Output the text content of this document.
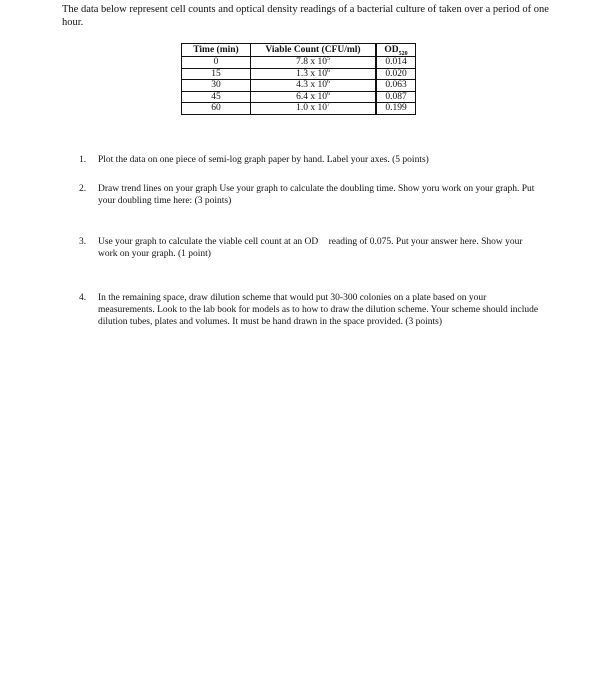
The data below represent cell counts and optical density readings of a bacterial culture of taken over a period of one hour.
Time (min)	Viable Count (CFU/ml)	$OD_{520}$
0	7.8 x $10^5$	0.014
15	1.3 x $10^6$	0.020
30	4.3 x $10^6$	0.063
45	6.4 x $10^6$	0.087
60	1.0 x $10^7$	0.199
1. Plot the data on one piece of semi-log graph paper by hand. Label your axes. (5 points)
2. Draw trend lines on your graph Use your graph to calculate the doubling time. Show yoru work on your graph. Put your doubling time here: (3 points)
3. Use your graph to calculate the viable cell count at an OD reading of 0.075. Put your answer here. Show your work on your graph. (1 point)
4. In the remaining space, draw dilution scheme that would put 30-300 colonies on a plate based on your measurements. Look to the lab book for models as to how to draw the dilution scheme. Your scheme should include dilution tubes, plates and volumes. It must be hand drawn in the space provided. (3 points)
